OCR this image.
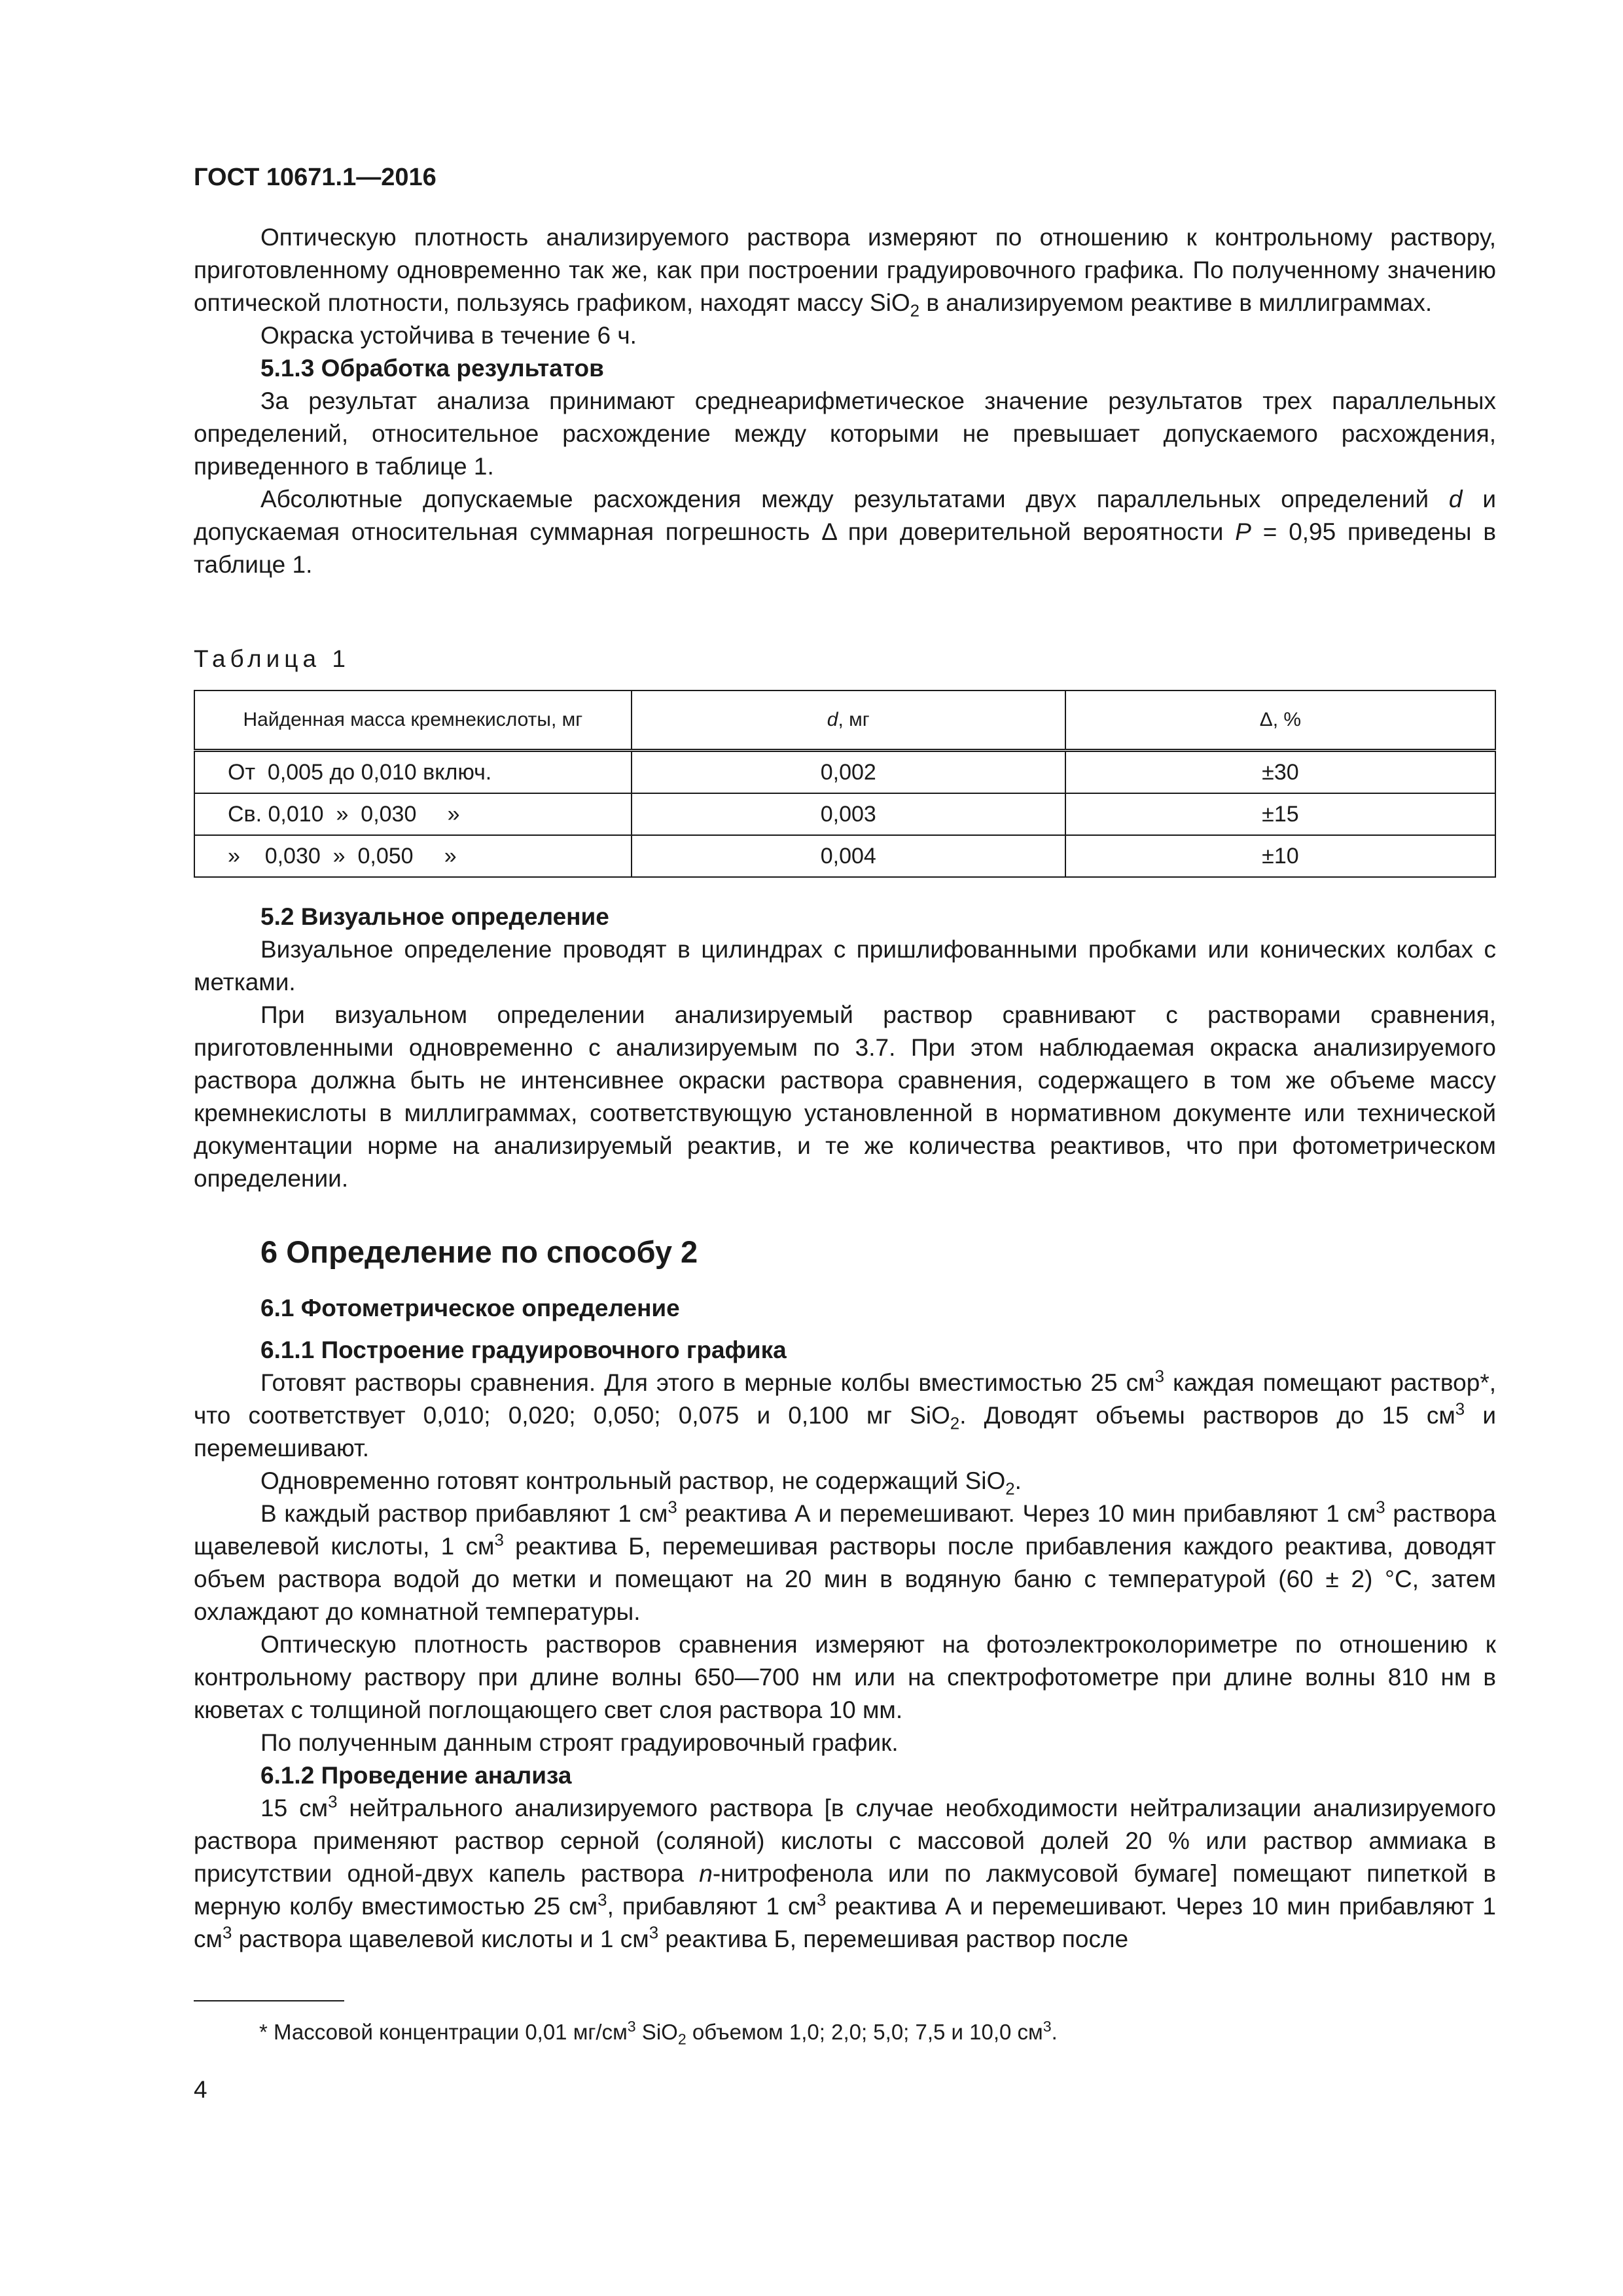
ГОСТ 10671.1—2016

Оптическую плотность анализируемого раствора измеряют по отношению к контрольному раствору, приготовленному одновременно так же, как при построении градуировочного графика. По полученному значению оптической плотности, пользуясь графиком, находят массу SiO$_2$ в анализируемом реактиве в миллиграммах.

Окраска устойчива в течение 6 ч.

5.1.3 Обработка результатов

За результат анализа принимают среднеарифметическое значение результатов трех параллельных определений, относительное расхождение между которыми не превышает допускаемого расхождения, приведенного в таблице 1.

Абсолютные допускаемые расхождения между результатами двух параллельных определений d и допускаемая относительная суммарная погрешность Δ при доверительной вероятности P = 0,95 приведены в таблице 1.

Таблица 1
Найденная масса кремнекислоты, мг	d, мг	Δ, %
От  0,005 до 0,010 включ.	0,002	±30
Св. 0,010  »  0,030     »	0,003	±15
»    0,030  »  0,050     »	0,004	±10
5.2 Визуальное определение

Визуальное определение проводят в цилиндрах с пришлифованными пробками или конических колбах с метками.

При визуальном определении анализируемый раствор сравнивают с растворами сравнения, приготовленными одновременно с анализируемым по 3.7. При этом наблюдаемая окраска анализируемого раствора должна быть не интенсивнее окраски раствора сравнения, содержащего в том же объеме массу кремнекислоты в миллиграммах, соответствующую установленной в нормативном документе или технической документации норме на анализируемый реактив, и те же количества реактивов, что при фотометрическом определении.

6 Определение по способу 2
6.1 Фотометрическое определение
6.1.1 Построение градуировочного графика

Готовят растворы сравнения. Для этого в мерные колбы вместимостью 25 $см^3$ каждая помещают раствор*, что соответствует 0,010; 0,020; 0,050; 0,075 и 0,100 мг SiO$_2$. Доводят объемы растворов до 15 $см^3$ и перемешивают.

Одновременно готовят контрольный раствор, не содержащий SiO$_2$.

В каждый раствор прибавляют 1 $см^3$ реактива А и перемешивают. Через 10 мин прибавляют 1 $см^3$ раствора щавелевой кислоты, 1 $см^3$ реактива Б, перемешивая растворы после прибавления каждого реактива, доводят объем раствора водой до метки и помещают на 20 мин в водяную баню с температурой (60 ± 2) °С, затем охлаждают до комнатной температуры.

Оптическую плотность растворов сравнения измеряют на фотоэлектроколориметре по отношению к контрольному раствору при длине волны 650—700 нм или на спектрофотометре при длине волны 810 нм в кюветах с толщиной поглощающего свет слоя раствора 10 мм.

По полученным данным строят градуировочный график.

6.1.2 Проведение анализа

15 $см^3$ нейтрального анализируемого раствора [в случае необходимости нейтрализации анализируемого раствора применяют раствор серной (соляной) кислоты с массовой долей 20 % или раствор аммиака в присутствии одной-двух капель раствора n-нитрофенола или по лакмусовой бумаге] помещают пипеткой в мерную колбу вместимостью 25 $см^3$, прибавляют 1 $см^3$ реактива А и перемешивают. Через 10 мин прибавляют 1 $см^3$ раствора щавелевой кислоты и 1 $см^3$ реактива Б, перемешивая раствор после

* Массовой концентрации 0,01 $мг/см^3$ SiO$_2$ объемом 1,0; 2,0; 5,0; 7,5 и 10,0 $см^3$.
4
